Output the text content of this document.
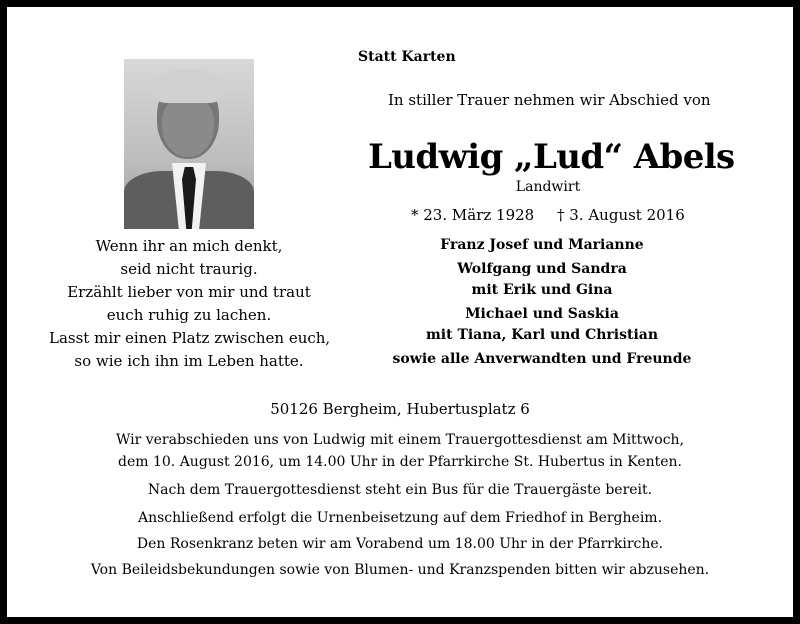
Statt Karten
In stiller Trauer nehmen wir Abschied von
Ludwig „Lud“ Abels
Landwirt
* 23. März 1928 † 3. August 2016
Wenn ihr an mich denkt,
seid nicht traurig.
Erzählt lieber von mir und traut
euch ruhig zu lachen.
Lasst mir einen Platz zwischen euch,
so wie ich ihn im Leben hatte.
Franz Josef und Marianne
Wolfgang und Sandra
mit Erik und Gina
Michael und Saskia
mit Tiana, Karl und Christian
sowie alle Anverwandten und Freunde
50126 Bergheim, Hubertusplatz 6
Wir verabschieden uns von Ludwig mit einem Trauergottesdienst am Mittwoch,
dem 10. August 2016, um 14.00 Uhr in der Pfarrkirche St. Hubertus in Kenten.
Nach dem Trauergottesdienst steht ein Bus für die Trauergäste bereit.
Anschließend erfolgt die Urnenbeisetzung auf dem Friedhof in Bergheim.
Den Rosenkranz beten wir am Vorabend um 18.00 Uhr in der Pfarrkirche.
Von Beileidsbekundungen sowie von Blumen- und Kranzspenden bitten wir abzusehen.
